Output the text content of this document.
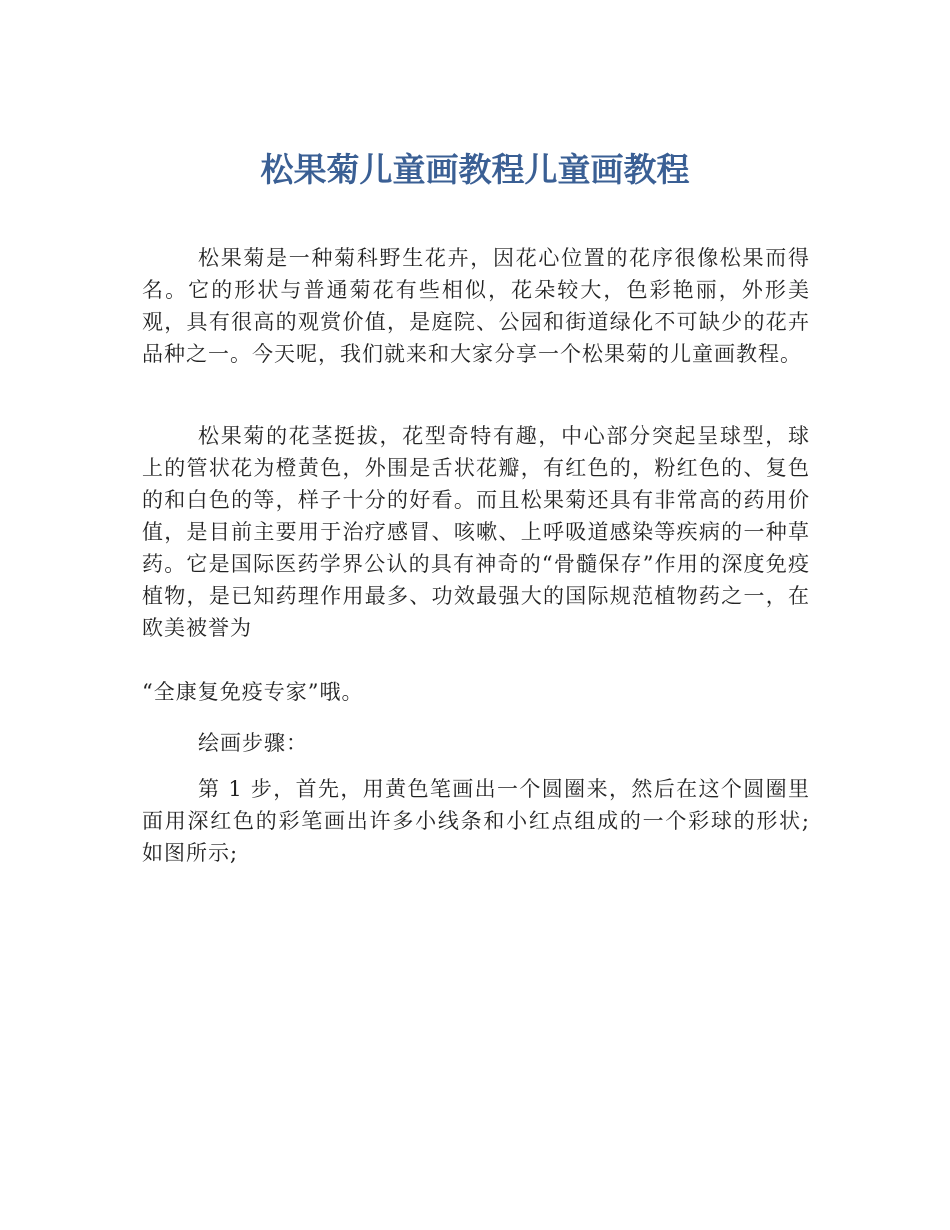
松果菊儿童画教程儿童画教程

松果菊是一种菊科野生花卉，因花心位置的花序很像松果而得名。它的形状与普通菊花有些相似，花朵较大，色彩艳丽，外形美观，具有很高的观赏价值，是庭院、公园和街道绿化不可缺少的花卉品种之一。今天呢，我们就来和大家分享一个松果菊的儿童画教程。

松果菊的花茎挺拔，花型奇特有趣，中心部分突起呈球型，球上的管状花为橙黄色，外围是舌状花瓣，有红色的，粉红色的、复色的和白色的等，样子十分的好看。而且松果菊还具有非常高的药用价值，是目前主要用于治疗感冒、咳嗽、上呼吸道感染等疾病的一种草药。它是国际医药学界公认的具有神奇的“骨髓保存”作用的深度免疫植物，是已知药理作用最多、功效最强大的国际规范植物药之一，在欧美被誉为

“全康复免疫专家”哦。

绘画步骤：

第 1 步，首先，用黄色笔画出一个圆圈来，然后在这个圆圈里面用深红色的彩笔画出许多小线条和小红点组成的一个彩球的形状;如图所示;
